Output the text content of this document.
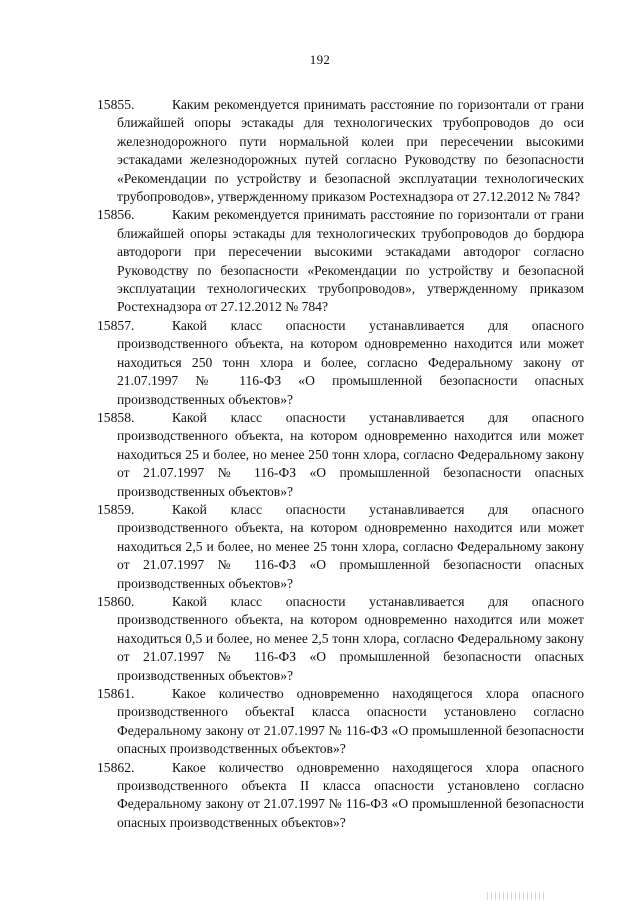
192
15855.	Каким рекомендуется принимать расстояние по горизонтали от грани ближайшей опоры эстакады для технологических трубопроводов до оси железнодорожного пути нормальной колеи при пересечении высокими эстакадами железнодорожных путей согласно Руководству по безопасности «Рекомендации по устройству и безопасной эксплуатации технологических трубопроводов», утвержденному приказом Ростехнадзора от 27.12.2012 № 784?
15856.	Каким рекомендуется принимать расстояние по горизонтали от грани ближайшей опоры эстакады для технологических трубопроводов до бордюра автодороги при пересечении высокими эстакадами автодорог согласно Руководству по безопасности «Рекомендации по устройству и безопасной эксплуатации технологических трубопроводов», утвержденному приказом Ростехнадзора от 27.12.2012 № 784?
15857.	Какой класс опасности устанавливается для опасного производственного объекта, на котором одновременно находится или может находиться 250 тонн хлора и более, согласно Федеральному закону от 21.07.1997 № 116-ФЗ «О промышленной безопасности опасных производственных объектов»?
15858.	Какой класс опасности устанавливается для опасного производственного объекта, на котором одновременно находится или может находиться 25 и более, но менее 250 тонн хлора, согласно Федеральному закону от 21.07.1997 № 116-ФЗ «О промышленной безопасности опасных производственных объектов»?
15859.	Какой класс опасности устанавливается для опасного производственного объекта, на котором одновременно находится или может находиться 2,5 и более, но менее 25 тонн хлора, согласно Федеральному закону от 21.07.1997 № 116-ФЗ «О промышленной безопасности опасных производственных объектов»?
15860.	Какой класс опасности устанавливается для опасного производственного объекта, на котором одновременно находится или может находиться 0,5 и более, но менее 2,5 тонн хлора, согласно Федеральному закону от 21.07.1997 № 116-ФЗ «О промышленной безопасности опасных производственных объектов»?
15861.	Какое количество одновременно находящегося хлора опасного производственного объектаI класса опасности установлено согласно Федеральному закону от 21.07.1997 № 116-ФЗ «О промышленной безопасности опасных производственных объектов»?
15862.	Какое количество одновременно находящегося хлора опасного производственного объекта II класса опасности установлено согласно Федеральному закону от 21.07.1997 № 116-ФЗ «О промышленной безопасности опасных производственных объектов»?
